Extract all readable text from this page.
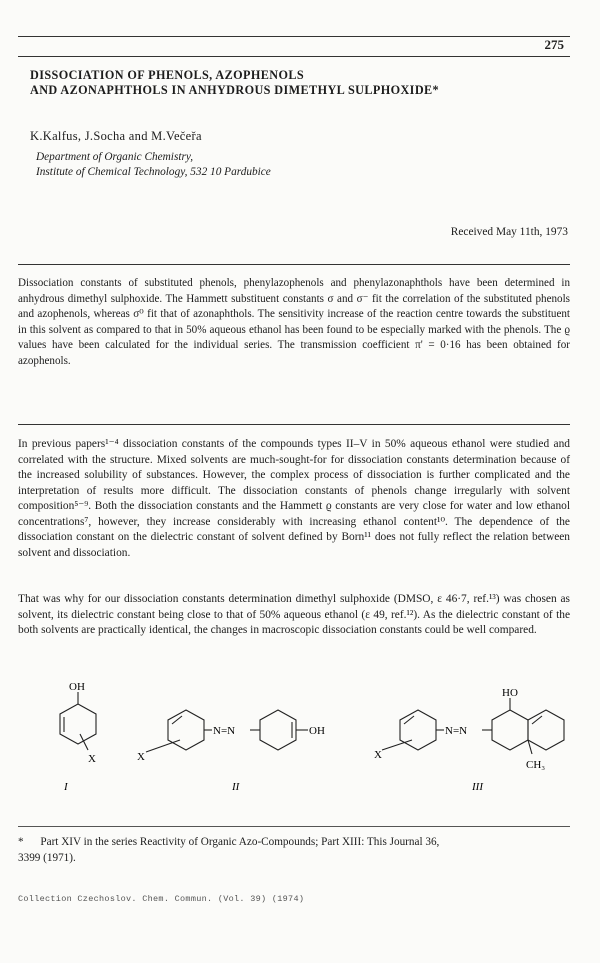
275
DISSOCIATION OF PHENOLS, AZOPHENOLS
AND AZONAPHTHOLS IN ANHYDROUS DIMETHYL SULPHOXIDE*
K.Kalfus, J.Socha and M.Večeřa
Department of Organic Chemistry,
Institute of Chemical Technology, 532 10 Pardubice
Received May 11th, 1973
Dissociation constants of substituted phenols, phenylazophenols and phenylazonaphthols have been determined in anhydrous dimethyl sulphoxide. The Hammett substituent constants σ and σ⁻ fit the correlation of the substituted phenols and azophenols, whereas σ⁰ fit that of azonaphthols. The sensitivity increase of the reaction centre towards the substituent in this solvent as compared to that in 50% aqueous ethanol has been found to be especially marked with the phenols. The ϱ values have been calculated for the individual series. The transmission coefficient π' = 0·16 has been obtained for azophenols.
In previous papers¹⁻⁴ dissociation constants of the compounds types II–V in 50% aqueous ethanol were studied and correlated with the structure. Mixed solvents are much-sought-for for dissociation constants determination because of the increased solubility of substances. However, the complex process of dissociation is further complicated and the interpretation of results more difficult. The dissociation constants of phenols change irregularly with solvent composition⁵⁻⁹. Both the dissociation constants and the Hammett ϱ constants are very close for water and low ethanol concentrations⁷, however, they increase considerably with increasing ethanol content¹⁰. The dependence of the dissociation constant on the dielectric constant of solvent defined by Born¹¹ does not fully reflect the relation between solvent and dissociation.
That was why for our dissociation constants determination dimethyl sulphoxide (DMSO, ε 46·7, ref.¹³) was chosen as solvent, its dielectric constant being close to that of 50% aqueous ethanol (ε 49, ref.¹²). As the dielectric constant of the both solvents are practically identical, the changes in macroscopic dissociation constants could be well compared.
OH
X
I
N=N	OH
X
II
HO
N=N
X
CH₃
III
* Part XIV in the series Reactivity of Organic Azo-Compounds; Part XIII: This Journal 36,
3399 (1971).
Collection Czechoslov. Chem. Commun. (Vol. 39) (1974)
